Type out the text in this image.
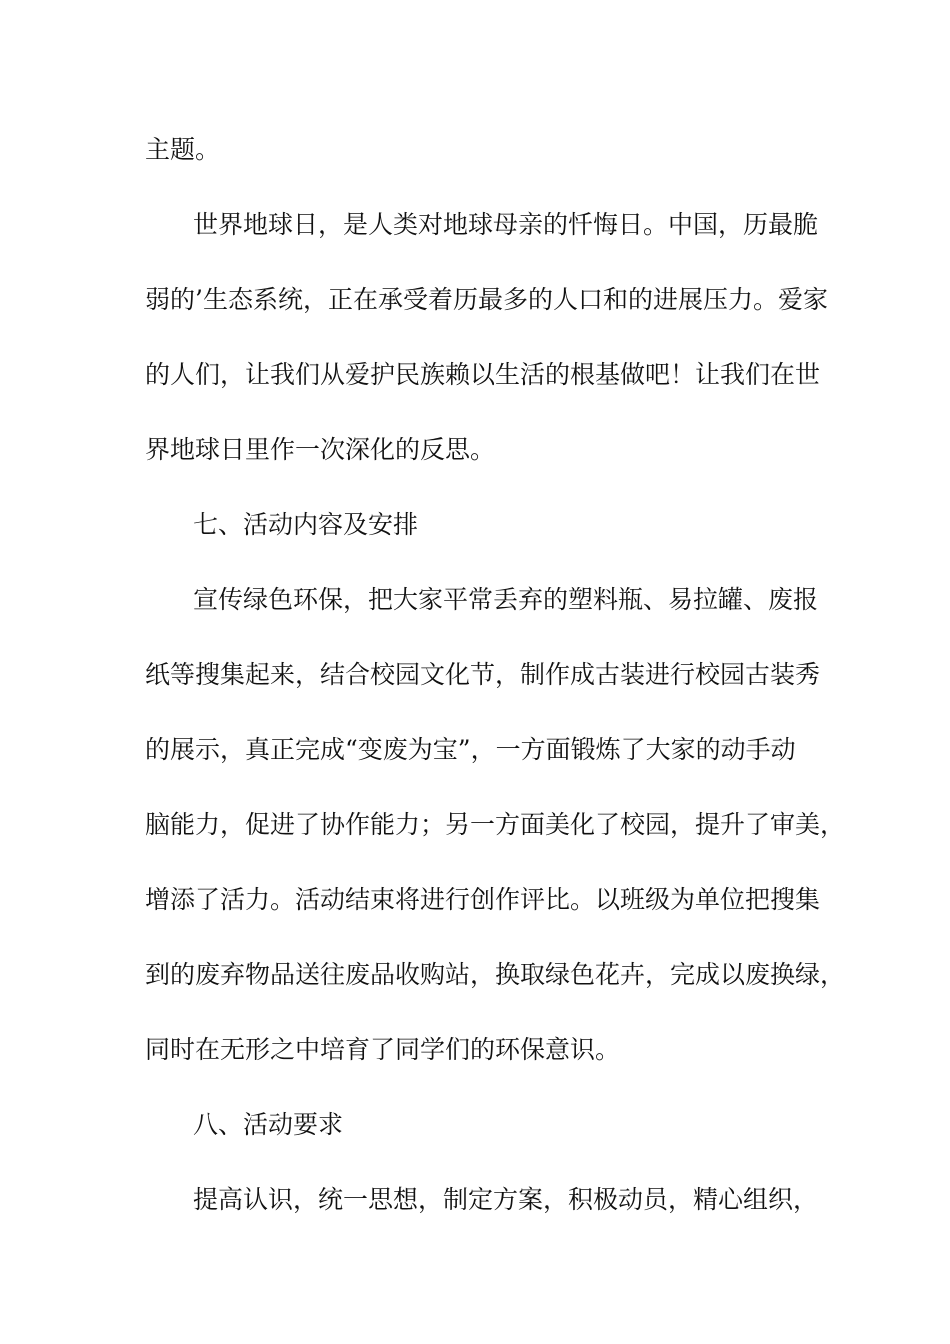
主题。
世界地球日，是人类对地球母亲的忏悔日。中国，历最脆
弱的’生态系统，正在承受着历最多的人口和的进展压力。爱家
的人们，让我们从爱护民族赖以生活的根基做吧！让我们在世
界地球日里作一次深化的反思。
七、活动内容及安排
宣传绿色环保，把大家平常丢弃的塑料瓶、易拉罐、废报
纸等搜集起来，结合校园文化节，制作成古装进行校园古装秀
的展示，真正完成“变废为宝”，一方面锻炼了大家的动手动
脑能力，促进了协作能力；另一方面美化了校园，提升了审美，
增添了活力。活动结束将进行创作评比。以班级为单位把搜集
到的废弃物品送往废品收购站，换取绿色花卉，完成以废换绿，
同时在无形之中培育了同学们的环保意识。
八、活动要求
提高认识，统一思想，制定方案，积极动员，精心组织，
